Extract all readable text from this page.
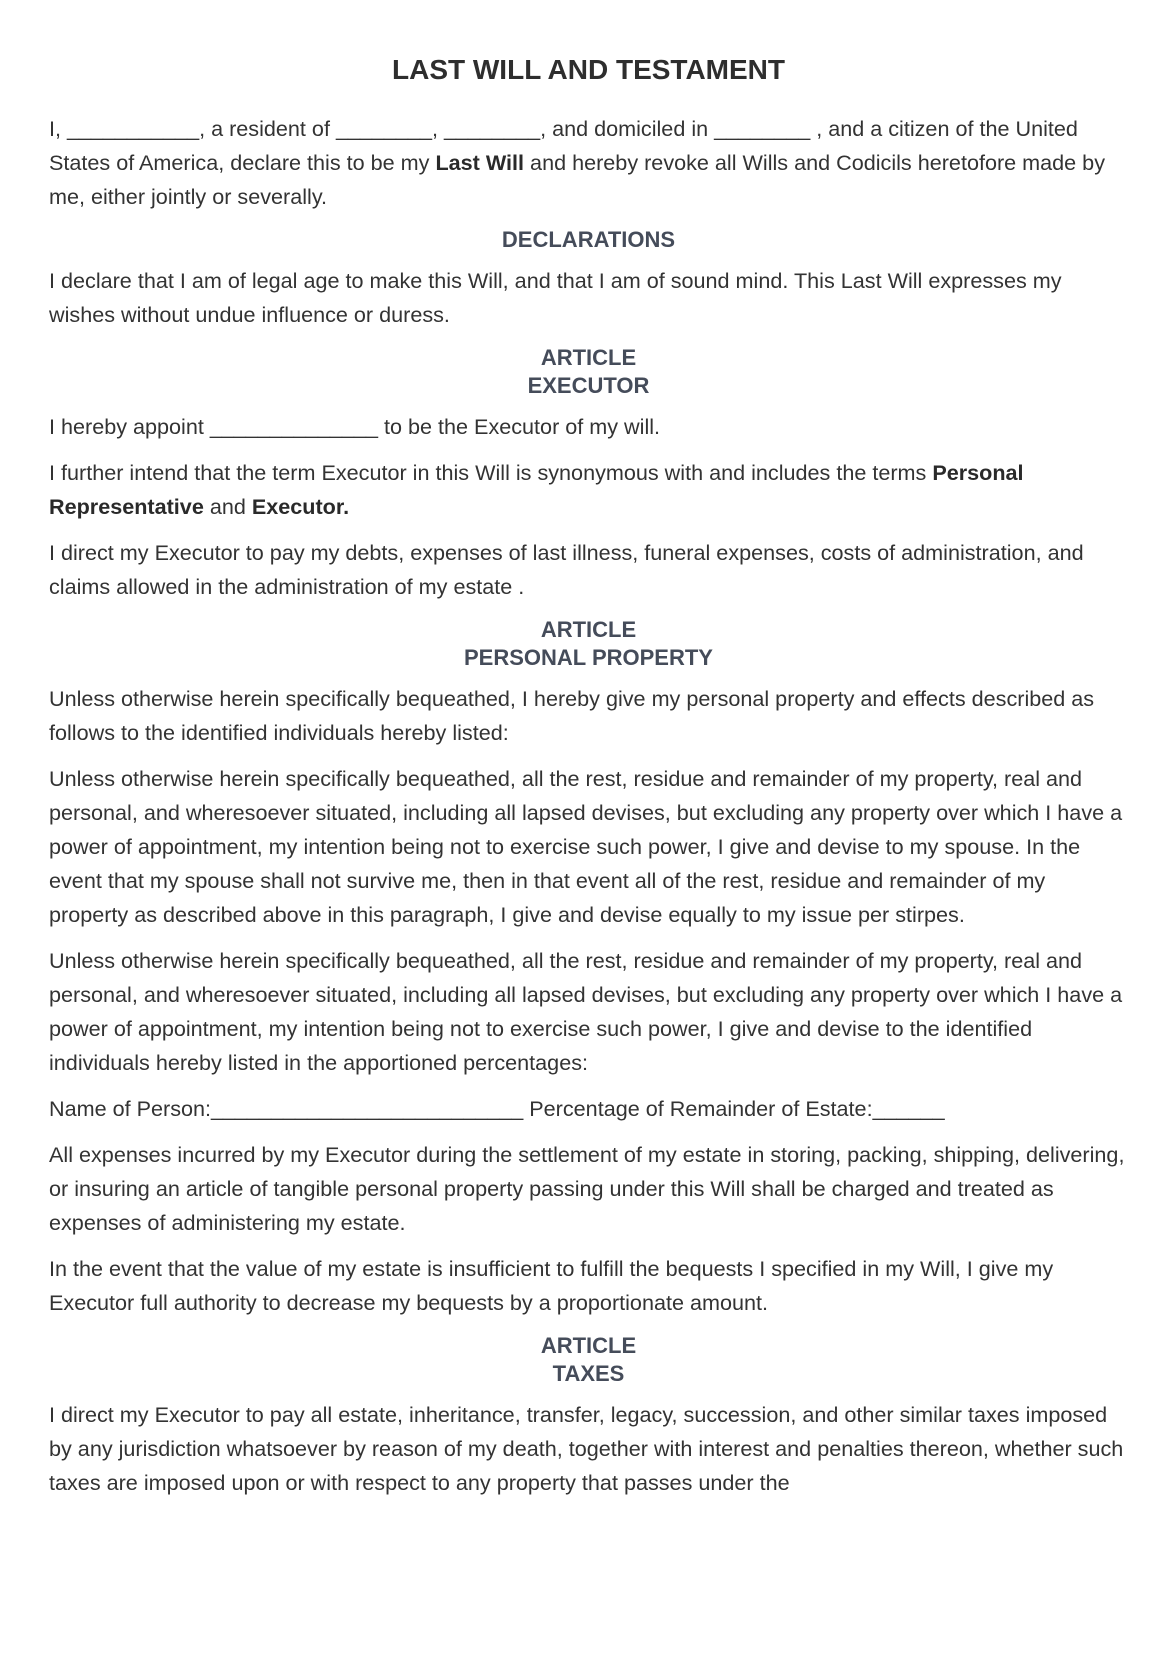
LAST WILL AND TESTAMENT

I, ___________, a resident of ________, ________, and domiciled in ________ , and a citizen of the United States of America, declare this to be my Last Will and hereby revoke all Wills and Codicils heretofore made by me, either jointly or severally.

DECLARATIONS

I declare that I am of legal age to make this Will, and that I am of sound mind. This Last Will expresses my wishes without undue influence or duress.

ARTICLE
EXECUTOR

I hereby appoint ______________ to be the Executor of my will.

I further intend that the term Executor in this Will is synonymous with and includes the terms Personal Representative and Executor.

I direct my Executor to pay my debts, expenses of last illness, funeral expenses, costs of administration, and claims allowed in the administration of my estate .

ARTICLE
PERSONAL PROPERTY

Unless otherwise herein specifically bequeathed, I hereby give my personal property and effects described as follows to the identified individuals hereby listed:

Unless otherwise herein specifically bequeathed, all the rest, residue and remainder of my property, real and personal, and wheresoever situated, including all lapsed devises, but excluding any property over which I have a power of appointment, my intention being not to exercise such power, I give and devise to my spouse. In the event that my spouse shall not survive me, then in that event all of the rest, residue and remainder of my property as described above in this paragraph, I give and devise equally to my issue per stirpes.

Unless otherwise herein specifically bequeathed, all the rest, residue and remainder of my property, real and personal, and wheresoever situated, including all lapsed devises, but excluding any property over which I have a power of appointment, my intention being not to exercise such power, I give and devise to the identified individuals hereby listed in the apportioned percentages:

Name of Person:__________________________ Percentage of Remainder of Estate:______

All expenses incurred by my Executor during the settlement of my estate in storing, packing, shipping, delivering, or insuring an article of tangible personal property passing under this Will shall be charged and treated as expenses of administering my estate.

In the event that the value of my estate is insufficient to fulfill the bequests I specified in my Will, I give my Executor full authority to decrease my bequests by a proportionate amount.

ARTICLE
TAXES

I direct my Executor to pay all estate, inheritance, transfer, legacy, succession, and other similar taxes imposed by any jurisdiction whatsoever by reason of my death, together with interest and penalties thereon, whether such taxes are imposed upon or with respect to any property that passes under the
